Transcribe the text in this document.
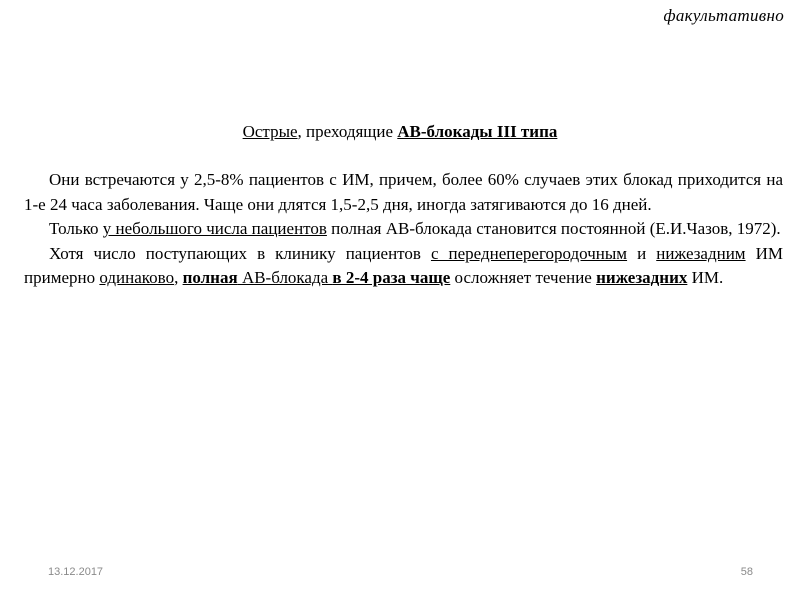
факультативно
Острые, преходящие АВ-блокады III типа

Они встречаются у 2,5-8% пациентов с ИМ, причем, более 60% случаев этих блокад приходится на 1-е 24 часа заболевания. Чаще они длятся 1,5-2,5 дня, иногда затягиваются до 16 дней.

Только у небольшого числа пациентов полная АВ-блокада становится постоянной (Е.И.Чазов, 1972).

Хотя число поступающих в клинику пациентов с переднеперегородочным и нижезадним ИМ примерно одинаково, полная АВ-блокада в 2-4 раза чаще осложняет течение нижезадних ИМ.

13.12.2017	58
